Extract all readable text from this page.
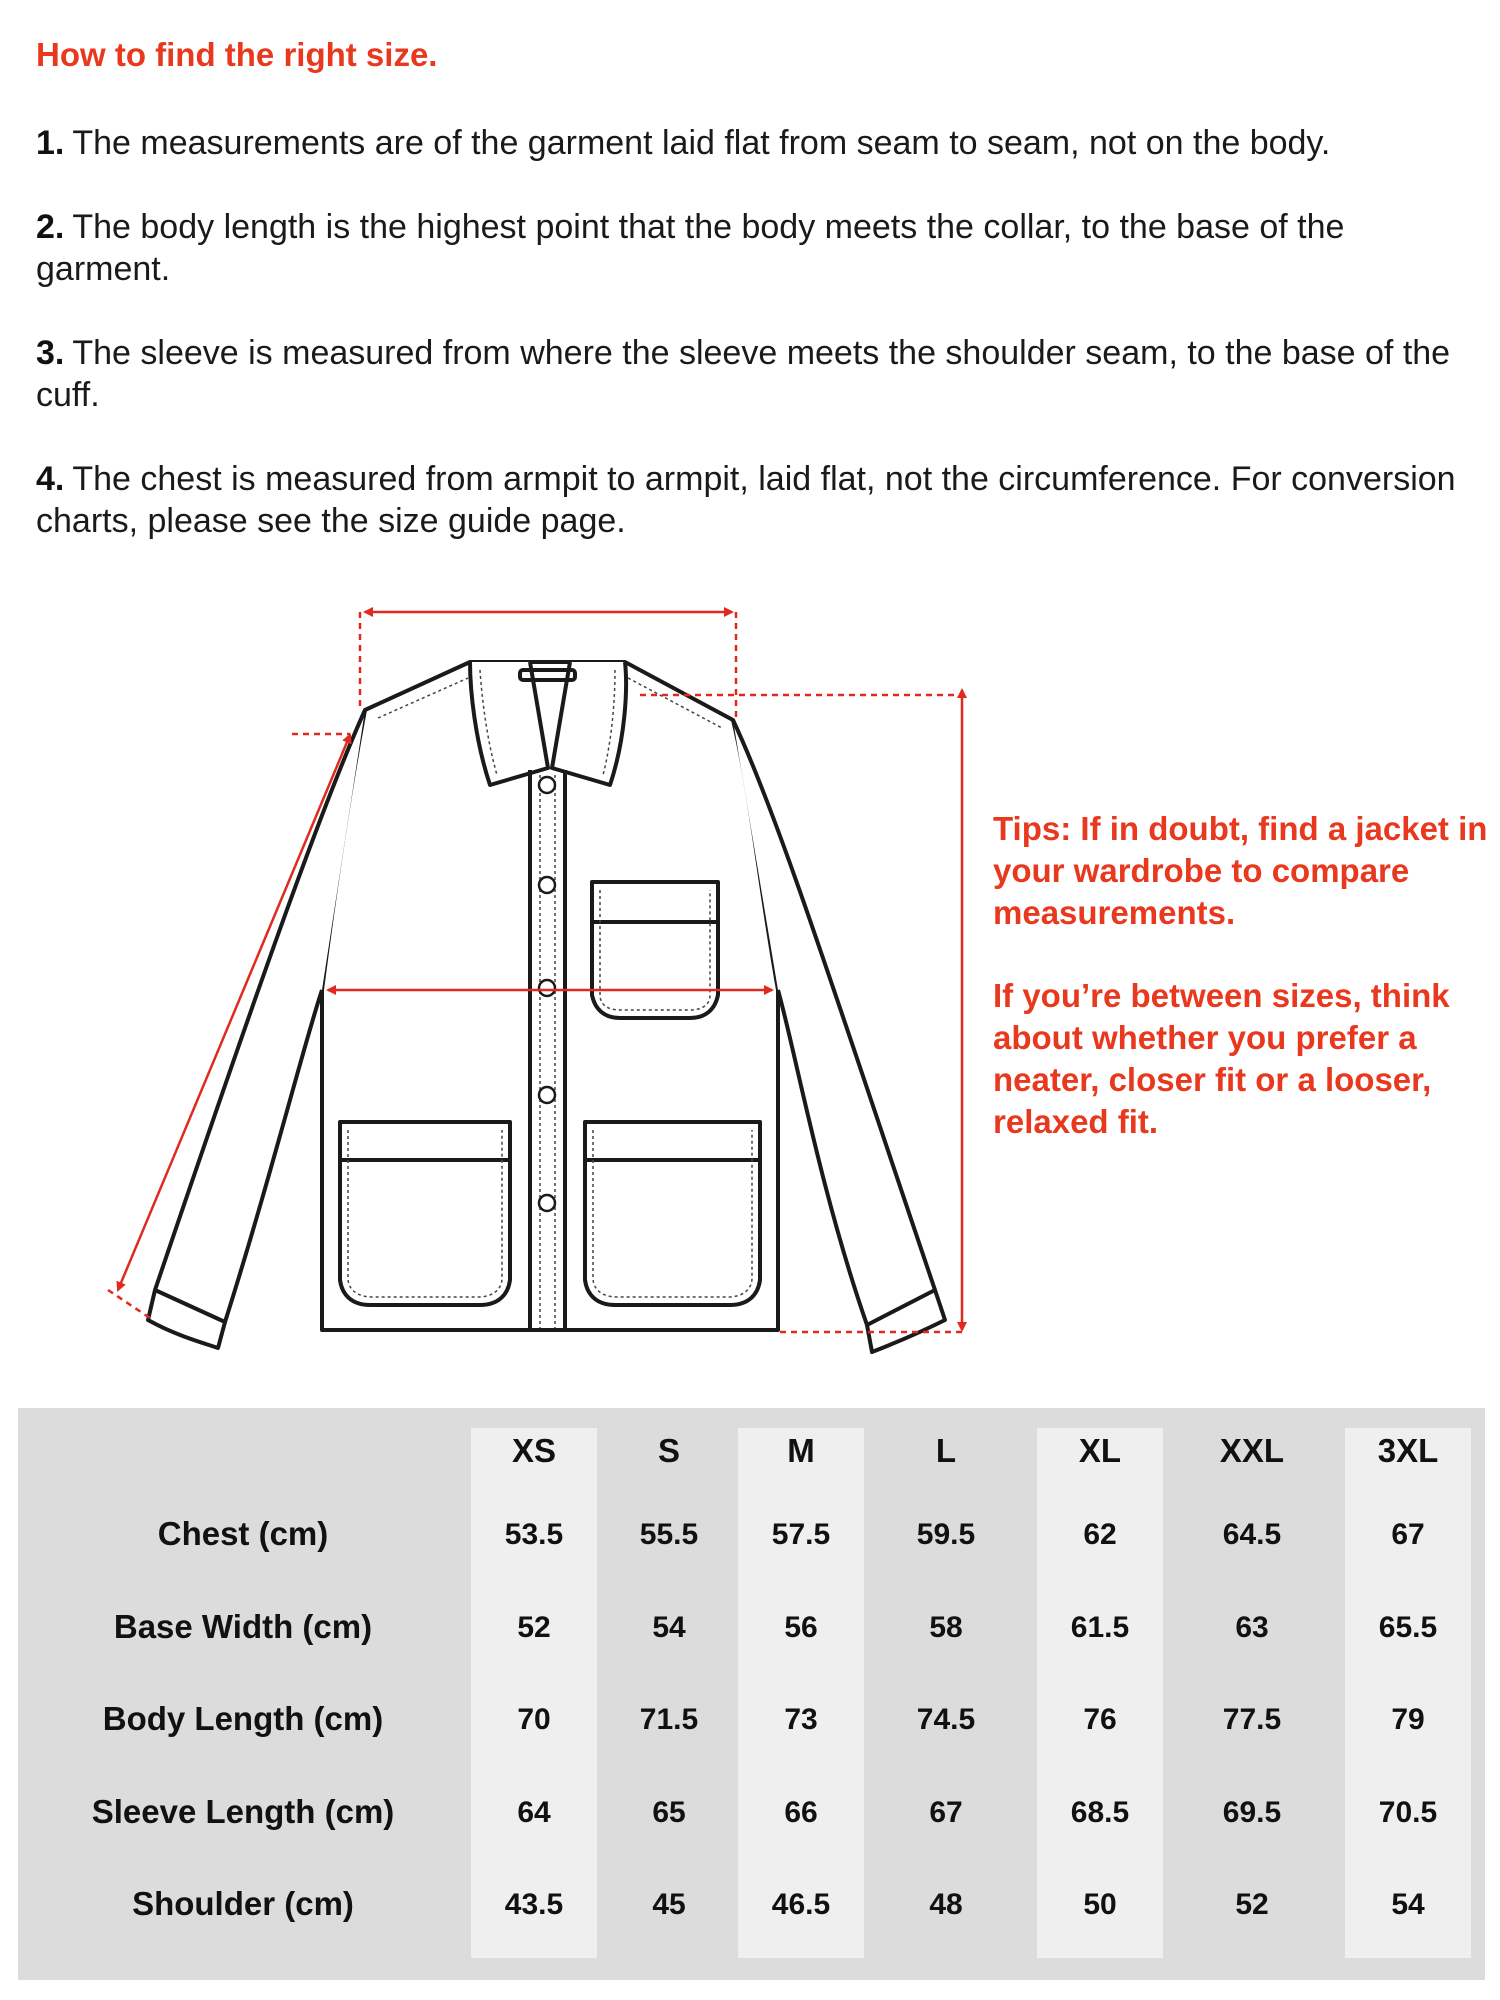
How to find the right size.
1. The measurements are of the garment laid flat from seam to seam, not on the body.
2. The body length is the highest point that the body meets the collar, to the base of the garment.
3. The sleeve is measured from where the sleeve meets the shoulder seam, to the base of the cuff.
4. The chest is measured from armpit to armpit, laid flat, not the circumference. For conversion charts, please see the size guide page.
Tips: If in doubt, find a jacket in your wardrobe to compare measurements.
If you’re between sizes, think about whether you prefer a neater, closer fit or a looser, relaxed fit.
XS	S	M	L	XL	XXL	3XL
Chest (cm)	53.5	55.5	57.5	59.5	62	64.5	67
Base Width (cm)	52	54	56	58	61.5	63	65.5
Body Length (cm)	70	71.5	73	74.5	76	77.5	79
Sleeve Length (cm)	64	65	66	67	68.5	69.5	70.5
Shoulder (cm)	43.5	45	46.5	48	50	52	54
